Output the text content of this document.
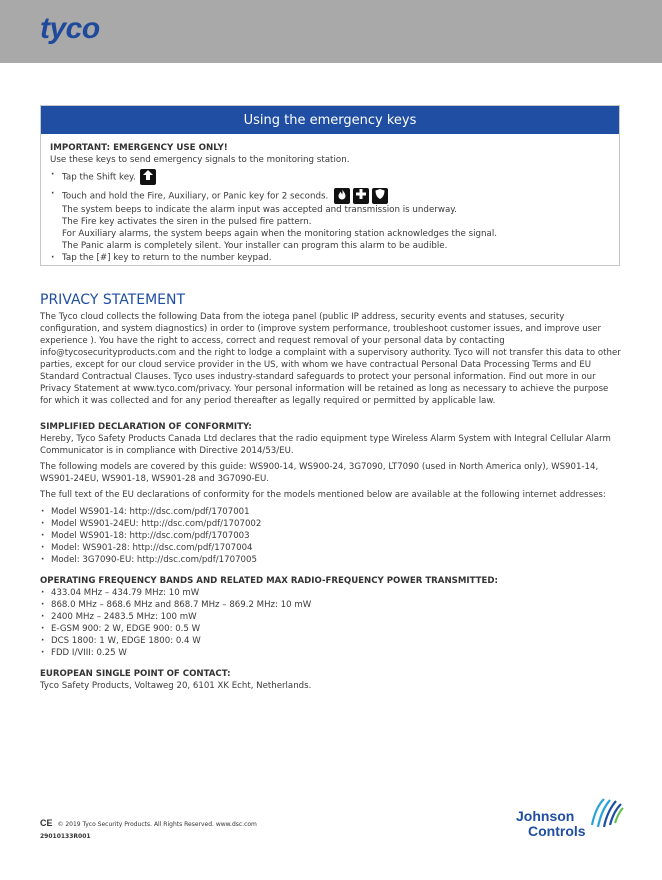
tyco
Using the emergency keys
IMPORTANT: EMERGENCY USE ONLY!
Use these keys to send emergency signals to the monitoring station.
· Tap the Shift key.
· Touch and hold the Fire, Auxiliary, or Panic key for 2 seconds.
The system beeps to indicate the alarm input was accepted and transmission is underway.
The Fire key activates the siren in the pulsed fire pattern.
For Auxiliary alarms, the system beeps again when the monitoring station acknowledges the signal.
The Panic alarm is completely silent. Your installer can program this alarm to be audible.
· Tap the [#] key to return to the number keypad.
PRIVACY STATEMENT

The Tyco cloud collects the following Data from the iotega panel (public IP address, security events and statuses, security configuration, and system diagnostics) in order to (improve system performance, troubleshoot customer issues, and improve user experience ). You have the right to access, correct and request removal of your personal data by contacting info@tycosecurityproducts.com and the right to lodge a complaint with a supervisory authority. Tyco will not transfer this data to other parties, except for our cloud service provider in the US, with whom we have contractual Personal Data Processing Terms and EU Standard Contractual Clauses. Tyco uses industry-standard safeguards to protect your personal information. Find out more in our Privacy Statement at www.tyco.com/privacy. Your personal information will be retained as long as necessary to achieve the purpose for which it was collected and for any period thereafter as legally required or permitted by applicable law.

SIMPLIFIED DECLARATION OF CONFORMITY:

Hereby, Tyco Safety Products Canada Ltd declares that the radio equipment type Wireless Alarm System with Integral Cellular Alarm Communicator is in compliance with Directive 2014/53/EU.

The following models are covered by this guide: WS900-14, WS900-24, 3G7090, LT7090 (used in North America only), WS901-14, WS901-24EU, WS901-18, WS901-28 and 3G7090-EU.

The full text of the EU declarations of conformity for the models mentioned below are available at the following internet addresses:

· Model WS901-14: http://dsc.com/pdf/1707001
· Model WS901-24EU: http://dsc.com/pdf/1707002
· Model WS901-18: http://dsc.com/pdf/1707003
· Model: WS901-28: http://dsc.com/pdf/1707004
· Model: 3G7090-EU: http://dsc.com/pdf/1707005
OPERATING FREQUENCY BANDS AND RELATED MAX RADIO-FREQUENCY POWER TRANSMITTED:
· 433.04 MHz – 434.79 MHz: 10 mW
· 868.0 MHz – 868.6 MHz and 868.7 MHz – 869.2 MHz: 10 mW
· 2400 MHz – 2483.5 MHz: 100 mW
· E-GSM 900: 2 W, EDGE 900: 0.5 W
· DCS 1800: 1 W, EDGE 1800: 0.4 W
· FDD I/VIII: 0.25 W
EUROPEAN SINGLE POINT OF CONTACT:

Tyco Safety Products, Voltaweg 20, 6101 XK Echt, Netherlands.

CE © 2019 Tyco Security Products. All Rights Reserved. www.dsc.com
29010133R001
Johnson
Controls
